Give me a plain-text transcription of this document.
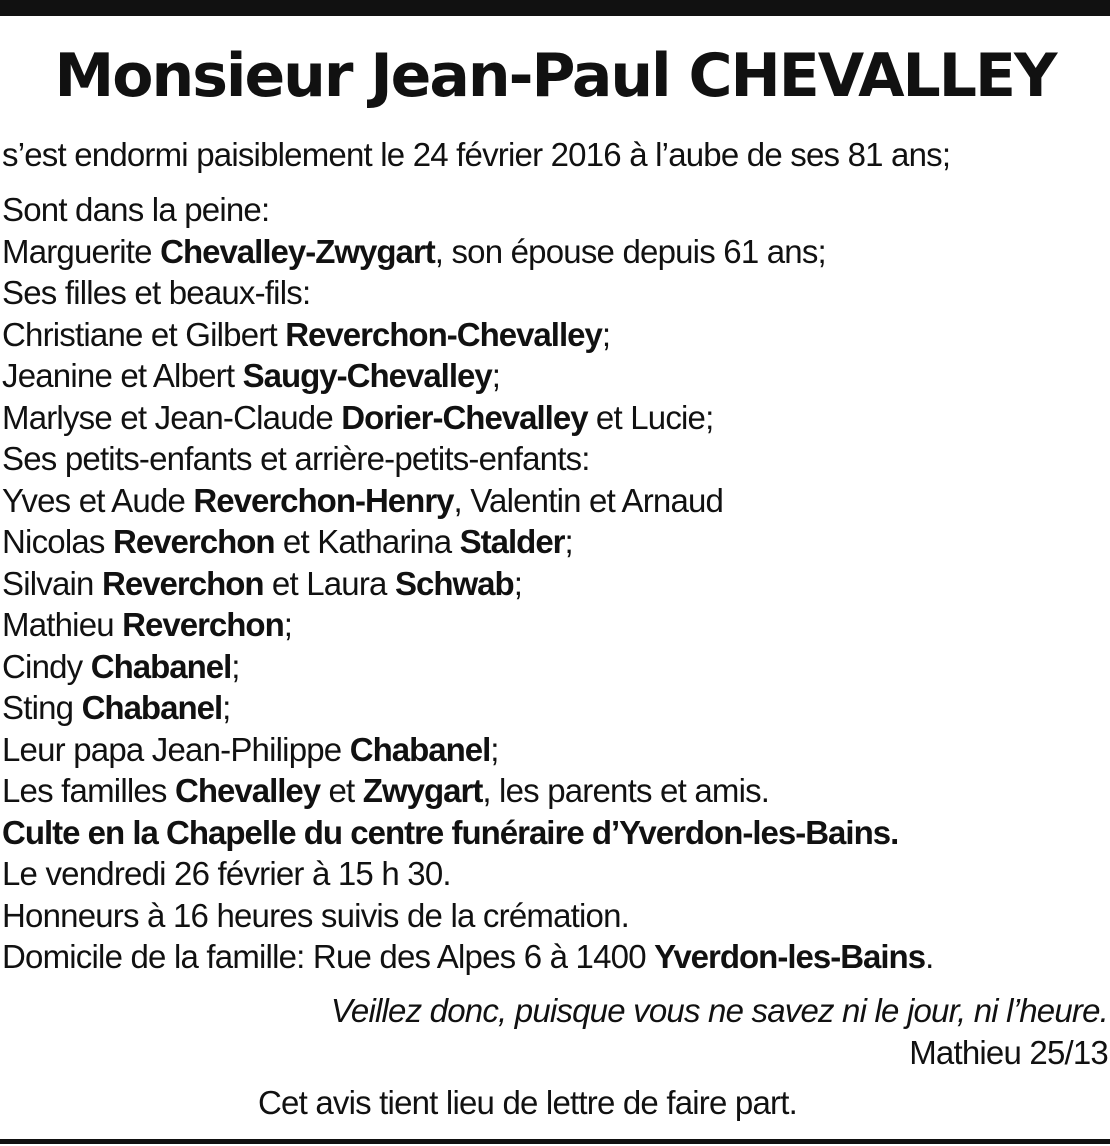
Monsieur Jean-Paul CHEVALLEY
s’est endormi paisiblement le 24 février 2016 à l’aube de ses 81 ans;
Sont dans la peine:
Marguerite Chevalley-Zwygart, son épouse depuis 61 ans;
Ses filles et beaux-fils:
Christiane et Gilbert Reverchon-Chevalley;
Jeanine et Albert Saugy-Chevalley;
Marlyse et Jean-Claude Dorier-Chevalley et Lucie;
Ses petits-enfants et arrière-petits-enfants:
Yves et Aude Reverchon-Henry, Valentin et Arnaud
Nicolas Reverchon et Katharina Stalder;
Silvain Reverchon et Laura Schwab;
Mathieu Reverchon;
Cindy Chabanel;
Sting Chabanel;
Leur papa Jean-Philippe Chabanel;
Les familles Chevalley et Zwygart, les parents et amis.
Culte en la Chapelle du centre funéraire d’Yverdon-les-Bains.
Le vendredi 26 février à 15 h 30.
Honneurs à 16 heures suivis de la crémation.
Domicile de la famille: Rue des Alpes 6 à 1400 Yverdon-les-Bains.
Veillez donc, puisque vous ne savez ni le jour, ni l’heure.
Mathieu 25/13
Cet avis tient lieu de lettre de faire part.
